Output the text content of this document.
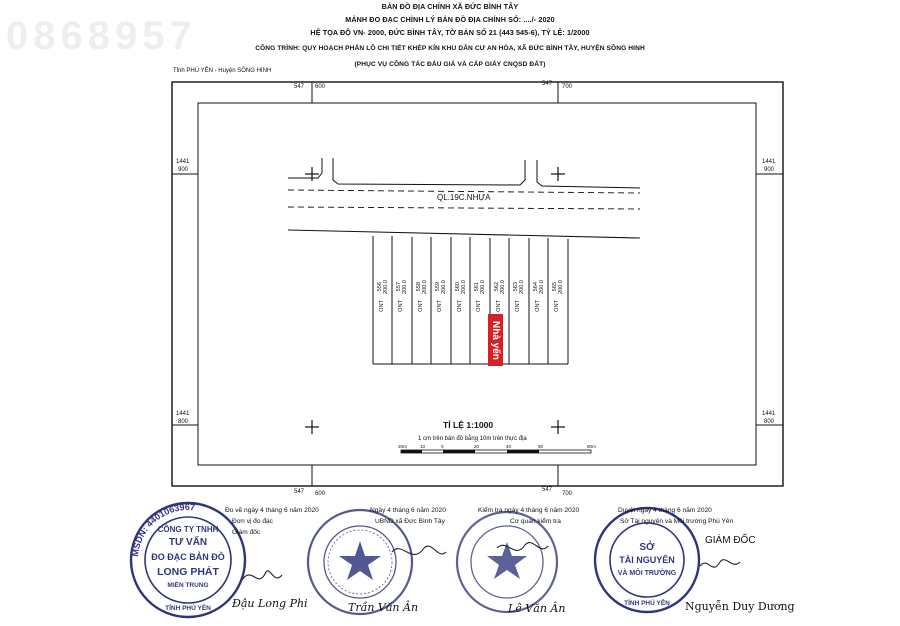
0868957
BẢN ĐỒ ĐỊA CHÍNH XÃ ĐỨC BÌNH TÂY
MẢNH ĐO ĐẠC CHỈNH LÝ BẢN ĐỒ ĐỊA CHÍNH SỐ: ..../- 2020
HỆ TỌA ĐỘ VN- 2000, ĐỨC BÌNH TÂY, TỜ BẢN SỐ 21 (443 545-6), TỶ LỆ: 1/2000
CÔNG TRÌNH: QUY HOẠCH PHÂN LÔ CHI TIẾT KHÉP KÍN KHU DÂN CƯ AN HÒA, XÃ ĐỨC BÌNH TÂY, HUYỆN SÔNG HINH
(PHỤC VỤ CÔNG TÁC ĐẤU GIÁ VÀ CẤP GIẤY CNQSD ĐẤT)
Tỉnh PHÚ YÊN - Huyện SÔNG HINH
547 600	547 700
547 600
547
700
1441
900
1441
900
1441
800
1441
800
QL.19C.NHỰA
556 200.0
ONT
557 200.0
ONT
558 200.0
ONT
559 200.0
ONT
560 200.0
ONT
561 200.0
ONT
562 200.0
ONT
563 200.0
ONT
564 200.0
ONT
565 200.0
ONT
Nhà yến
TỈ LỆ 1:1000
1 cm trên bản đồ bằng 10m trên thực địa
20m	10	0	20	40	60	80m
MSDN: 4401063967
CÔNG TY TNHH
TƯ VẤN
ĐO ĐẠC BẢN ĐỒ
LONG PHÁT
MIỀN TRUNG
TỈNH PHÚ YÊN
SỞ
TÀI NGUYÊN
VÀ MÔI TRƯỜNG
TỈNH PHÚ YÊN
Đo vẽ ngày 4 tháng 6 năm 2020
Đơn vị đo đạc
Giám đốc
Đậu Long Phi
Ngày 4 tháng 6 năm 2020
UBND xã Đức Bình Tây
Trần Văn Ân
Kiểm tra ngày 4 tháng 6 năm 2020
Cơ quan kiểm tra
Lê Văn Ân
Duyệt ngày 4 tháng 6 năm 2020
Sở Tài nguyên và Môi trường Phú Yên
GIÁM ĐỐC
Nguyễn Duy Dương
